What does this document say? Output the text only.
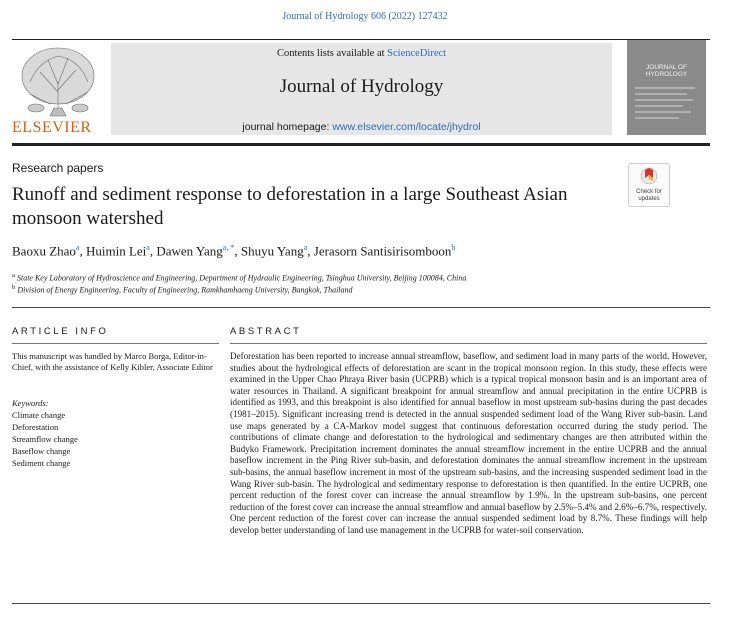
Journal of Hydrology 606 (2022) 127432
ELSEVIER
Contents lists available at ScienceDirect
Journal of Hydrology
journal homepage: www.elsevier.com/locate/jhydrol
JOURNAL OF HYDROLOGY
Research papers
Runoff and sediment response to deforestation in a large Southeast Asian monsoon watershed
Check for
updates
Baoxu Zhao$^a$, Huimin Lei$^a$, Dawen Yang$^{a, *}$, Shuyu Yang$^a$, Jerasorn Santisirisomboon$^b$
$^a$ State Key Laboratory of Hydroscience and Engineering, Department of Hydraulic Engineering, Tsinghua University, Beijing 100084, China
$^b$ Division of Energy Engineering, Faculty of Engineering, Ramkhamhaeng University, Bangkok, Thailand
ARTICLE INFO	ABSTRACT
This manuscript was handled by Marco Borga, Editor-in-Chief, with the assistance of Kelly Kibler, Associate Editor
Keywords:
Climate change
Deforestation
Streamflow change
Baseflow change
Sediment change
Deforestation has been reported to increase annual streamflow, baseflow, and sediment load in many parts of the world. However, studies about the hydrological effects of deforestation are scant in the tropical monsoon region. In this study, these effects were examined in the Upper Chao Phraya River basin (UCPRB) which is a typical tropical monsoon basin and is an important area of water resources in Thailand. A significant breakpoint for annual streamflow and annual precipitation in the entire UCPRB is identified as 1993, and this breakpoint is also identified for annual baseflow in most upstream sub-basins during the past decades (1981–2015). Significant increasing trend is detected in the annual suspended sediment load of the Wang River sub-basin. Land use maps generated by a CA-Markov model suggest that continuous deforestation occurred during the study period. The contributions of climate change and deforestation to the hydrological and sedimentary changes are then attributed within the Budyko Framework. Precipitation increment dominates the annual streamflow increment in the entire UCPRB and the annual baseflow increment in the Ping River sub-basin, and deforestation dominates the annual streamflow increment in the upstream sub-basins, the annual baseflow increment in most of the upstream sub-basins, and the increasing suspended sediment load in the Wang River sub-basin. The hydrological and sedimentary response to deforestation is then quantified. In the entire UCPRB, one percent reduction of the forest cover can increase the annual streamflow by 1.9%. In the upstream sub-basins, one percent reduction of the forest cover can increase the annual streamflow and annual baseflow by 2.5%–5.4% and 2.6%–6.7%, respectively. One percent reduction of the forest cover can increase the annual suspended sediment load by 8.7%. These findings will help develop better understanding of land use management in the UCPRB for water-soil conservation.
